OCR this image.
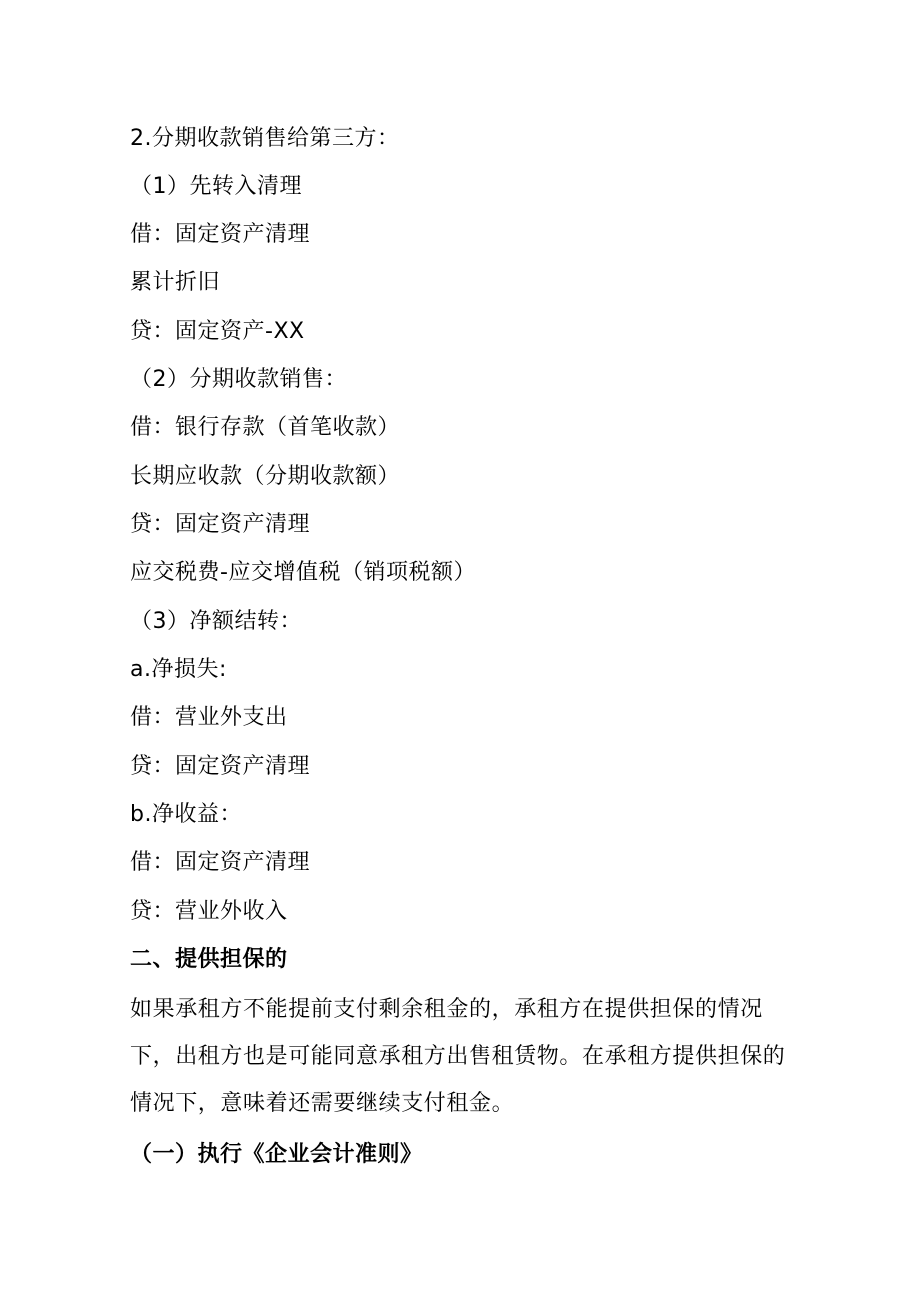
2.分期收款销售给第三方：
（1）先转入清理
借：固定资产清理
累计折旧
贷：固定资产-XX
（2）分期收款销售：
借：银行存款（首笔收款）
长期应收款（分期收款额）
贷：固定资产清理
应交税费-应交增值税（销项税额）
（3）净额结转：
a.净损失:
借：营业外支出
贷：固定资产清理
b.净收益：
借：固定资产清理
贷：营业外收入
二、提供担保的
如果承租方不能提前支付剩余租金的，承租方在提供担保的情况下，出租方也是可能同意承租方出售租赁物。在承租方提供担保的情况下，意味着还需要继续支付租金。
（一）执行《企业会计准则》
